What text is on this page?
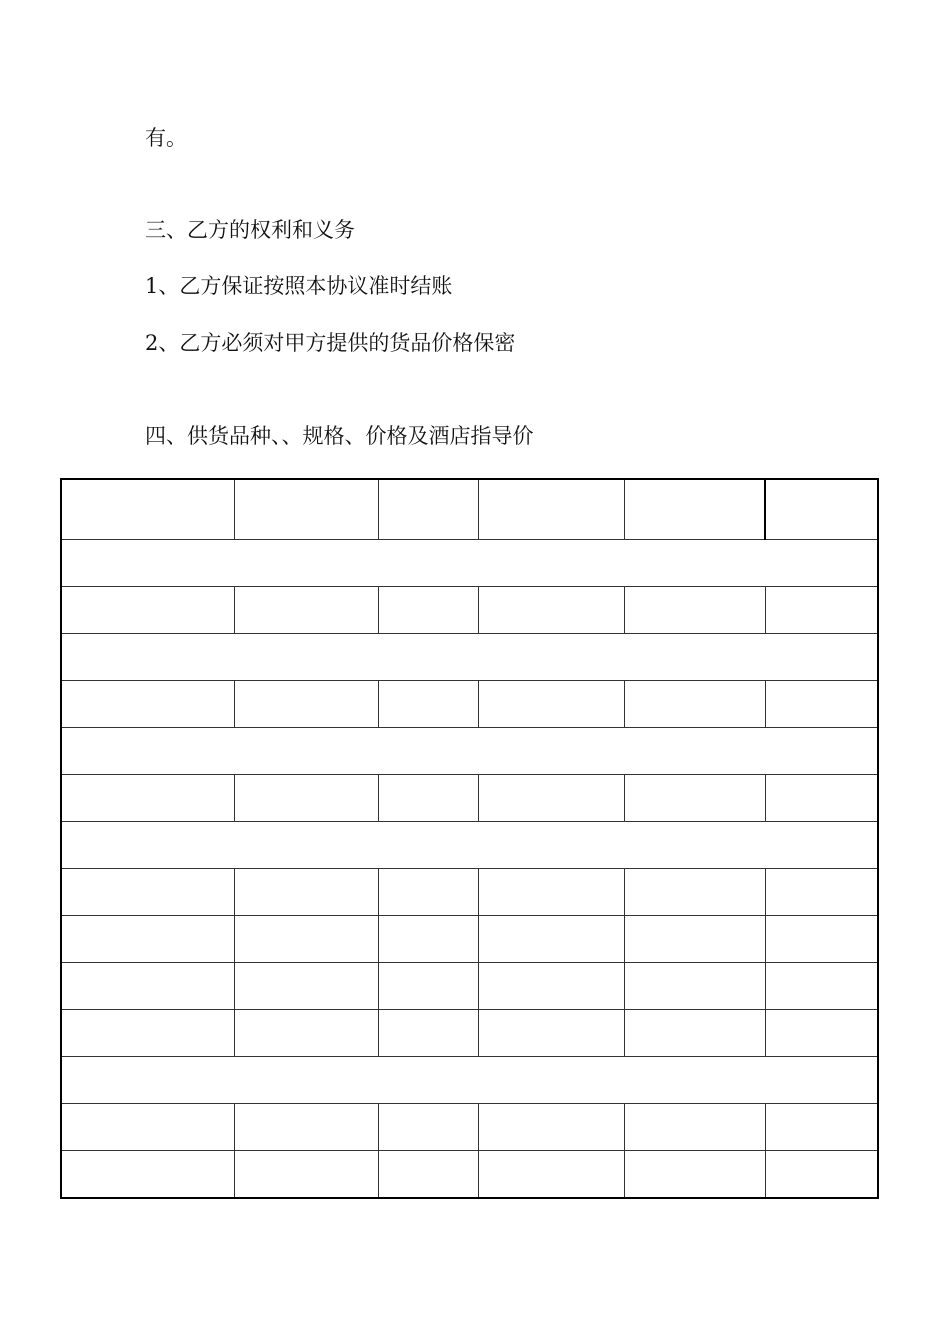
有。

三、乙方的权利和义务

1、乙方保证按照本协议准时结账

2、乙方必须对甲方提供的货品价格保密

四、供货品种、、规格、价格及酒店指导价
